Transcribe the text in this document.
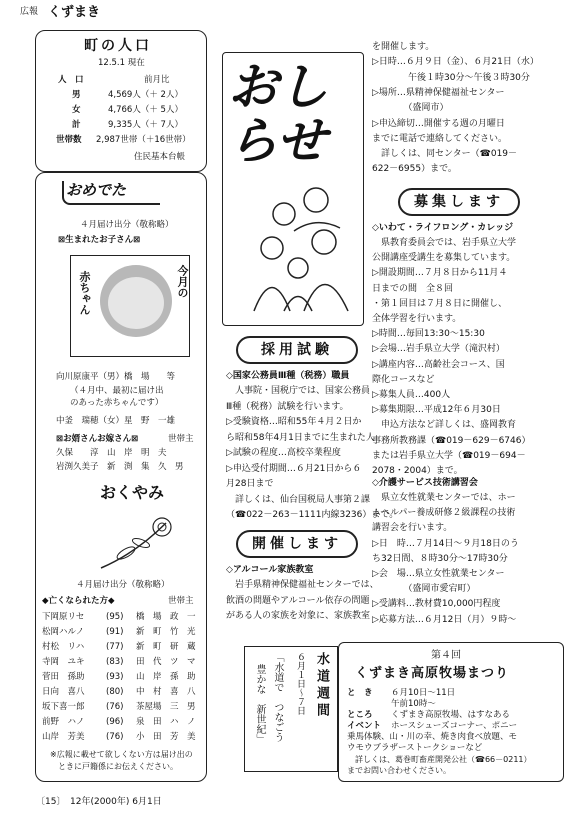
広報 くずまき
町の人口
12.5.1 現在
人　口	前月比
男	4,569人（＋ 2人）
女	4,766人（＋ 5人）
計	9,335人（＋ 7人）
世帯数 2,987世帯（＋16世帯）
住民基本台帳
おめでた
４月届け出分（敬称略）
⊠生まれたお子さん⊠
赤ちゃん	今月の
向川原康平（男）橋　場　　等
（４月中、最初に届け出
のあった赤ちゃんです）
中釜　瑞穂（女）星　野　一雄
⊠お婿さんお嫁さん⊠	世帯主
久保　　淳　山　岸　明　夫
岩渕久美子　新　渕　集　久　男
おくやみ
４月届け出分（敬称略）
◆亡くなられた方◆	世帯主
※広報に載せて欲しくない方は届け出の
ときに戸籍係にお伝えください。
下岡原リセ	(95) 橋　場　政　一
松岡ハルノ	(91) 新　町　竹　光
村松　リハ	(77) 新　町　研　蔵
寺岡　ユキ	(83) 田　代　ツ　マ
菅田　孫助	(93) 山　岸　孫　助
日向　喜八	(80) 中　村　喜　八
坂下喜一郎	(76) 茶屋場　三　男
前野　ハノ	(96) 泉　田　ハ　ノ
山岸　芳美	(76) 小　田　芳　美
おし
らせ
採用試験
◇国家公務員Ⅲ種（税務）職員
　人事院・国税庁では、国家公務員
Ⅲ種（税務）試験を行います。
▷受験資格…昭和55年４月２日か
ら昭和58年4月1日までに生まれた人
▷試験の程度…高校卒業程度
▷申込受付期間…６月21日から６
月28日まで
　詳しくは、仙台国税局人事第２課
（☎022－263－1111内線3236）まで。
開催します
◇アルコール家族教室
　岩手県精神保健福祉センターでは、
飲酒の問題やアルコール依存の問題
がある人の家族を対象に、家族教室
水道週間
６月１日〜７日
「水道で　つなごう
豊かな　新世紀」
を開催します。
▷日時…６月９日（金）、６月21日（水）
　　　　午後１時30分〜午後３時30分
▷場所…県精神保健福祉センター
　　　　（盛岡市）
▷申込締切…開催する週の月曜日
までに電話で連絡してください。
　詳しくは、同センター（☎019－
622－6955）まで。
募集します
◇いわて・ライフロング・カレッジ
　県教育委員会では、岩手県立大学
公開講座受講生を募集しています。
▷開設期間…７月８日から11月４
日までの間　全８回
・第１回目は７月８日に開催し、
全体学習を行います。
▷時間…毎回13:30〜15:30
▷会場…岩手県立大学（滝沢村）
▷講座内容…高齢社会コース、国
際化コースなど
▷募集人員…400人
▷募集期限…平成12年６月30日
　申込方法など詳しくは、盛岡教育
事務所教務課（☎019－629－6746）
または岩手県立大学（☎019－694－
2078・2004）まで。
◇介護サービス技術講習会
　県立女性就業センターでは、ホー
ムヘルパー養成研修２級課程の技術
講習会を行います。
▷日　時…７月14日〜９月18日のう
ち32日間、８時30分〜17時30分
▷会　場…県立女性就業センター
　　　　（盛岡市愛宕町）
▷受講料…教材費10,000円程度
▷応募方法…６月12日（月）９時〜
第４回
くずまき高原牧場まつり
　詳しくは、葛巻町畜産開発公社（☎66－0211）
までお問い合わせください。
と　き ６月10日〜11日
午前10時〜
ところ くずまき高原牧場、はすなある
イベント ホースシューズコーナー、ポニー
乗馬体験、山・川の幸、焼き肉食べ放題、モ
ウモウブラザーストークショーなど
〔15〕 12年(2000年) 6月1日
